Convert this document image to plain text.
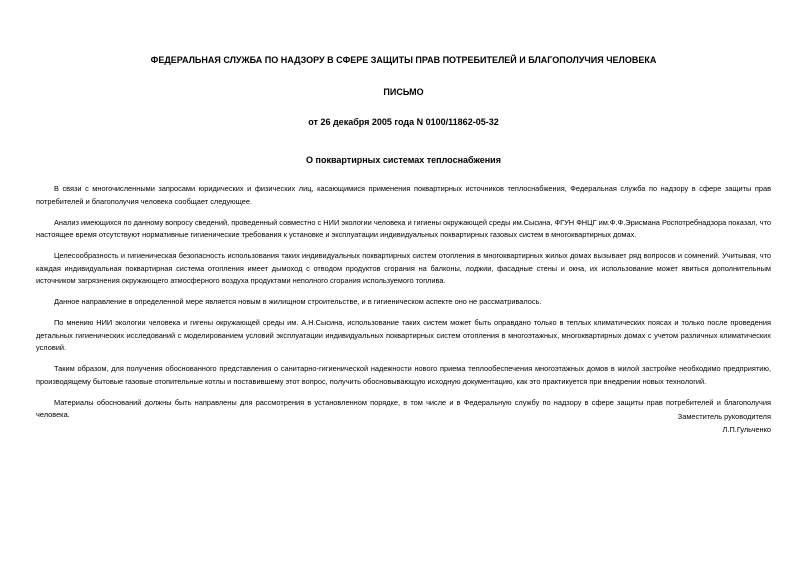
ФЕДЕРАЛЬНАЯ СЛУЖБА ПО НАДЗОРУ В СФЕРЕ ЗАЩИТЫ ПРАВ ПОТРЕБИТЕЛЕЙ И БЛАГОПОЛУЧИЯ ЧЕЛОВЕКА
ПИСЬМО
от 26 декабря 2005 года N 0100/11862-05-32
О поквартирных системах теплоснабжения

В связи с многочисленными запросами юридических и физических лиц, касающимися применения поквартирных источников теплоснабжения, Федеральная служба по надзору в сфере защиты прав потребителей и благополучия человека сообщает следующее.

Анализ имеющихся по данному вопросу сведений, проведенный совместно с НИИ экологии человека и гигиены окружающей среды им.Сысина, ФГУН ФНЦГ им.Ф.Ф.Эрисмана Роспотребнадзора показал, что настоящее время отсутствуют нормативные гигиенические требования к установке и эксплуатации индивидуальных поквартирных газовых систем в многоквартирных домах.

Целесообразность и гигиеническая безопасность использования таких индивидуальных поквартирных систем отопления в многоквартирных жилых домах вызывает ряд вопросов и сомнений. Учитывая, что каждая индивидуальная поквартирная система отопления имеет дымоход с отводом продуктов сгорания на балконы, лоджии, фасадные стены и окна, их использование может явиться дополнительным источником загрязнения окружающего атмосферного воздуха продуктами неполного сгорания используемого топлива.

Данное направление в определенной мере является новым в жилищном строительстве, и в гигиеническом аспекте оно не рассматривалось.

По мнению НИИ экологии человека и гигены окружающей среды им. А.Н.Сысина, использование таких систем может быть оправдано только в теплых климатических поясах и только после проведения детальных гигиенических исследований с моделированием условий эксплуатации индивидуальных поквартирных систем отопления в многоэтажных, многоквартирных домах с учетом различных климатических условий.

Таким образом, для получения обоснованного представления о санитарно-гигиенической надежности нового приема теплообеспечения многоэтажных домов в жилой застройке необходимо предприятию, производящему бытовые газовые отопительные котлы и поставившему этот вопрос, получить обосновывающую исходную документацию, как это практикуется при внедрении новых технологий.

Материалы обоснований должны быть направлены для рассмотрения в установленном порядке, в том числе и в Федеральную службу по надзору в сфере защиты прав потребителей и благополучия человека.	Заместитель руководителя
Л.П.Гульченко
